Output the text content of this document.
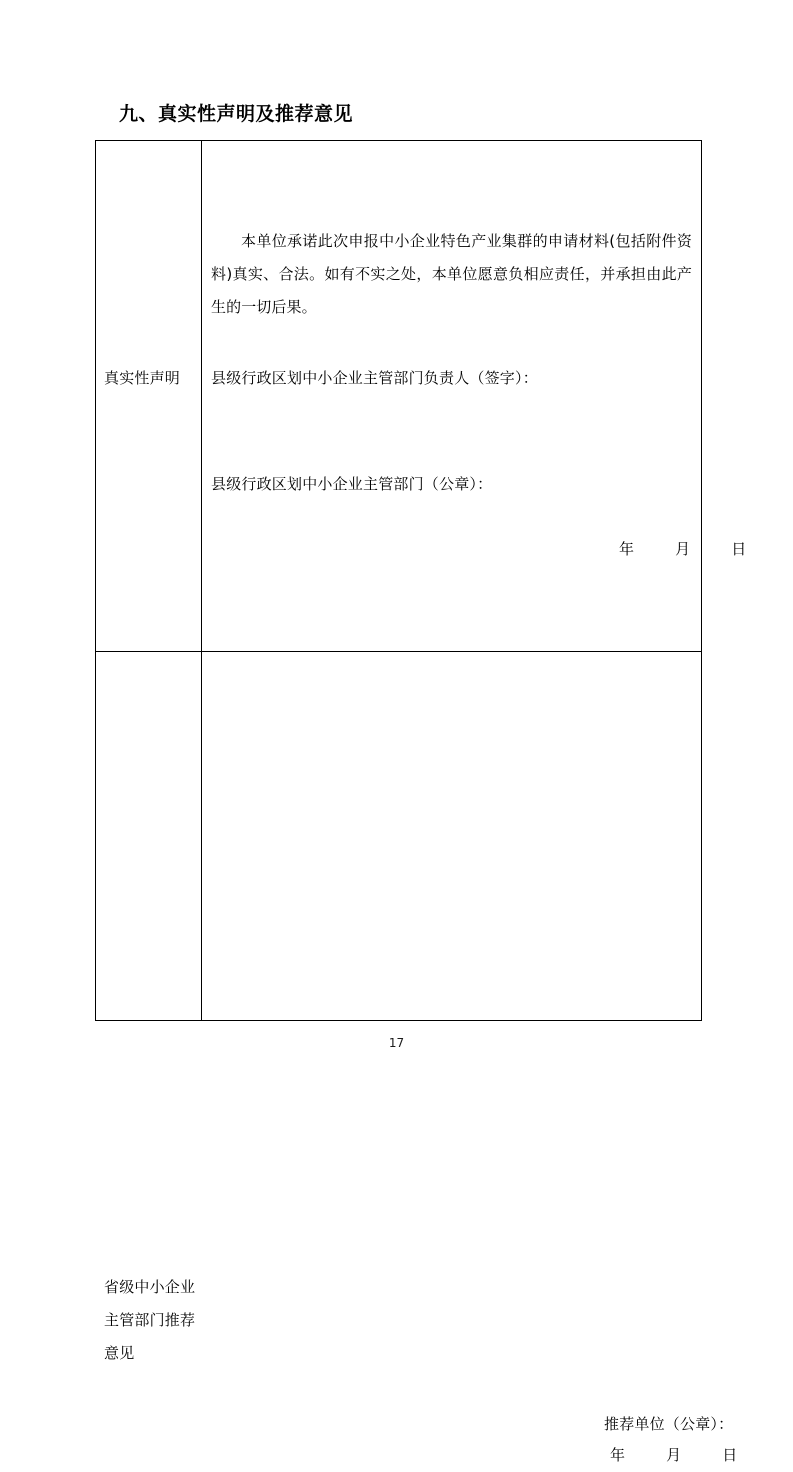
九、真实性声明及推荐意见
真实性声明	本单位承诺此次申报中小企业特色产业集群的申请材料(包括附件资料)真实、合法。如有不实之处，本单位愿意负相应责任，并承担由此产生的一切后果。
县级行政区划中小企业主管部门负责人（签字）：
县级行政区划中小企业主管部门（公章）：
年 月 日

省级中小企业主管部门推荐意见	推荐单位（公章）：
年 月 日
17
